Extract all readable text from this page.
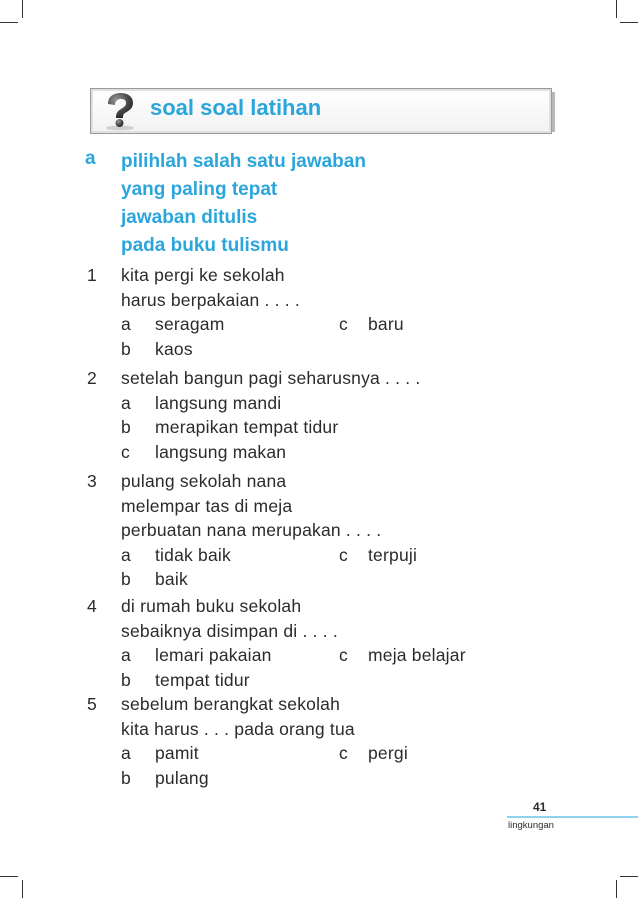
soal soal latihan
a pilihlah salah satu jawaban
yang paling tepat
jawaban ditulis
pada buku tulismu
1 kita pergi ke sekolah
harus berpakaian . . . .
a seragam	c baru
b kaos
2 setelah bangun pagi seharusnya . . . .
a langsung mandi
b merapikan tempat tidur
c langsung makan
3 pulang sekolah nana
melempar tas di meja
perbuatan nana merupakan . . . .
a tidak baik	c terpuji
b baik
4 di rumah buku sekolah
sebaiknya disimpan di . . . .
a lemari pakaian	c meja belajar
b tempat tidur
5 sebelum berangkat sekolah
kita harus . . . pada orang tua
a pamit	c pergi
b pulang
41
lingkungan
